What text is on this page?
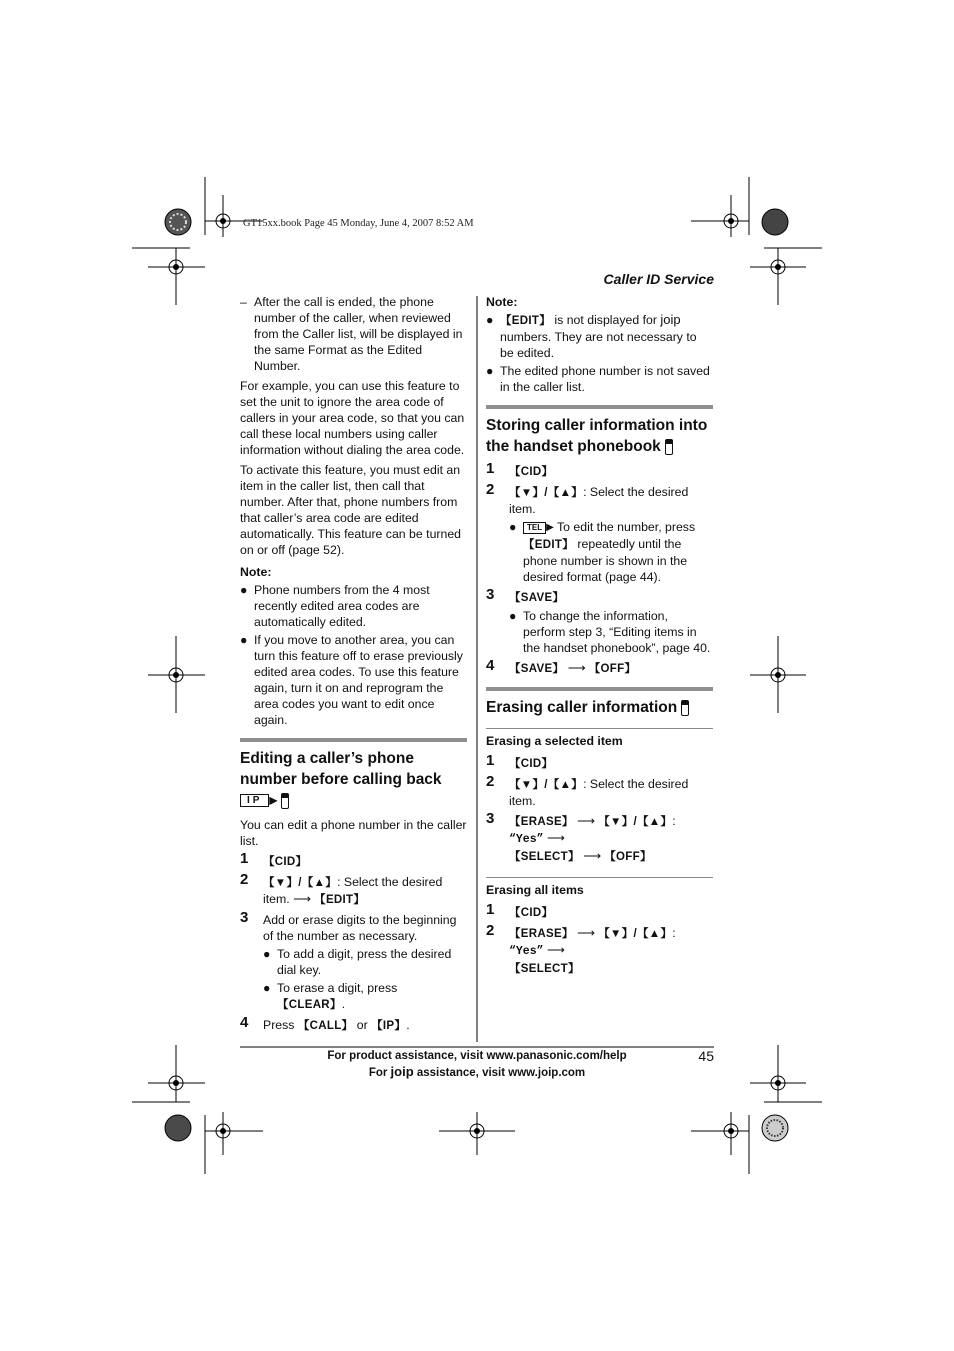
GT15xx.book Page 45 Monday, June 4, 2007 8:52 AM
Caller ID Service
– After the call is ended, the phone number of the caller, when reviewed from the Caller list, will be displayed in the same Format as the Edited Number.

For example, you can use this feature to set the unit to ignore the area code of callers in your area code, so that you can call these local numbers using caller information without dialing the area code.

To activate this feature, you must edit an item in the caller list, then call that number. After that, phone numbers from that caller’s area code are edited automatically. This feature can be turned on or off (page 52).

Note:
● Phone numbers from the 4 most recently edited area codes are automatically edited.
● If you move to another area, you can turn this feature off to erase previously edited area codes. To use this feature again, turn it on and reprogram the area codes you want to edit once again.
Editing a caller’s phone number before calling back
IP ▶

You can edit a phone number in the caller list.

1 【CID】
2 【▼】/【▲】: Select the desired item. ⟶ 【EDIT】
3 Add or erase digits to the beginning of the number as necessary.
● To add a digit, press the desired dial key.
● To erase a digit, press 【CLEAR】.
4 Press 【CALL】 or 【IP】.
Note:
● 【EDIT】 is not displayed for joip numbers. They are not necessary to be edited.
● The edited phone number is not saved in the caller list.
Storing caller information into the handset phonebook
1 【CID】
2 【▼】/【▲】: Select the desired item.
● TEL ▶ To edit the number, press 【EDIT】 repeatedly until the phone number is shown in the desired format (page 44).
3 【SAVE】
● To change the information, perform step 3, “Editing items in the handset phonebook”, page 40.
4 【SAVE】 ⟶ 【OFF】
Erasing caller information
Erasing a selected item
1 【CID】
2 【▼】/【▲】: Select the desired item.
3 【ERASE】 ⟶ 【▼】/【▲】: “Yes” ⟶
【SELECT】 ⟶ 【OFF】
Erasing all items
1 【CID】
2 【ERASE】 ⟶ 【▼】/【▲】: “Yes” ⟶
【SELECT】
For product assistance, visit www.panasonic.com/help
For joip assistance, visit www.joip.com
45
